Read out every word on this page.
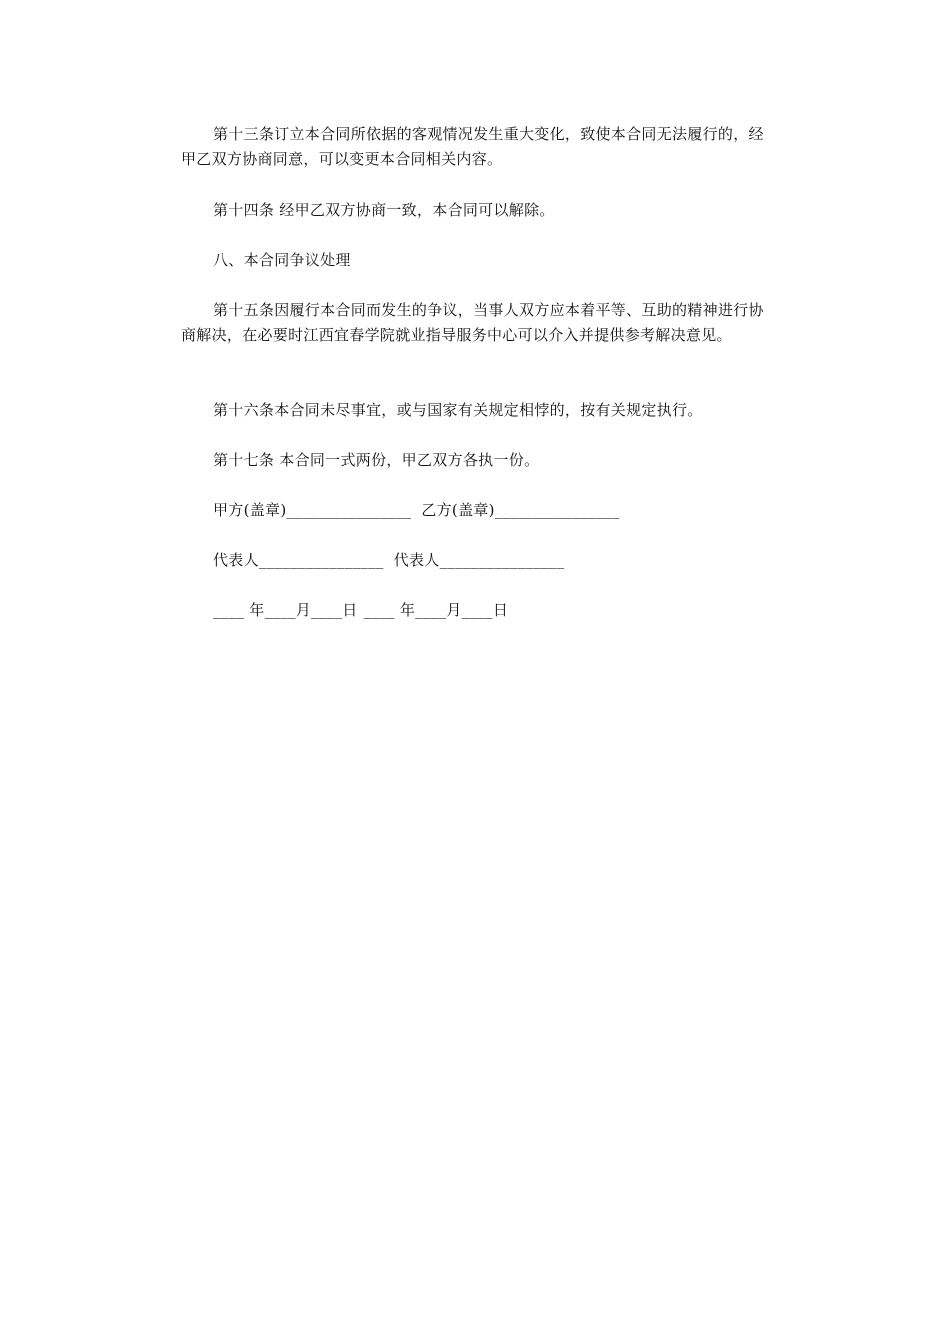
第十三条订立本合同所依据的客观情况发生重大变化，致使本合同无法履行的，经甲乙双方协商同意，可以变更本合同相关内容。

第十四条 经甲乙双方协商一致，本合同可以解除。

八、本合同争议处理

第十五条因履行本合同而发生的争议，当事人双方应本着平等、互助的精神进行协商解决，在必要时江西宜春学院就业指导服务中心可以介入并提供参考解决意见。

第十六条本合同未尽事宜，或与国家有关规定相悖的，按有关规定执行。

第十七条 本合同一式两份，甲乙双方各执一份。

甲方(盖章)________________ 乙方(盖章)________________
代表人________________ 代表人________________
____ 年____月____日 ____ 年____月____日
